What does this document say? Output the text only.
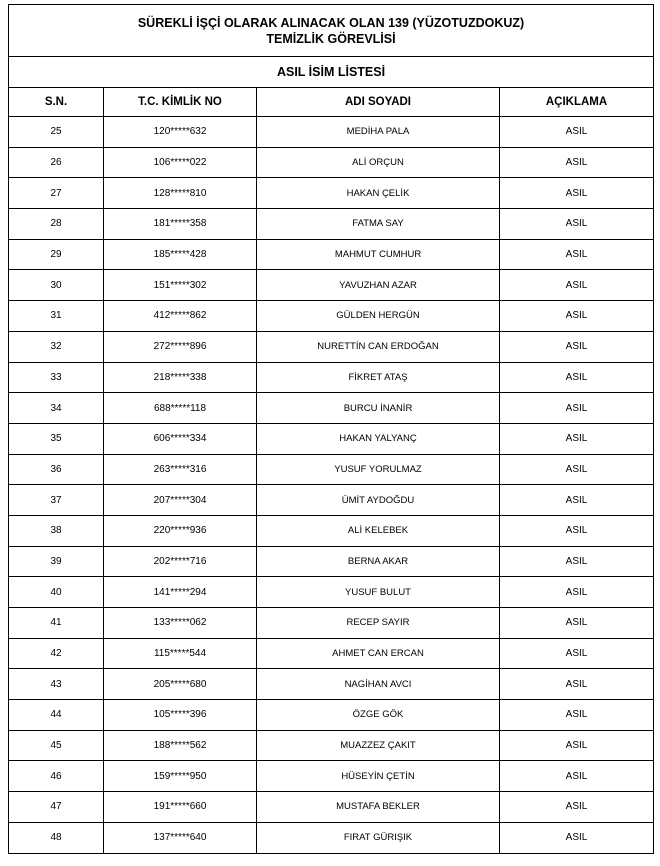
SÜREKLİ İŞÇİ OLARAK ALINACAK OLAN 139 (YÜZOTUZDOKUZ)
TEMİZLİK GÖREVLİSİ			

ASIL İSİM LİSTESİ			
S.N.	T.C. KİMLİK NO	ADI SOYADI	AÇIKLAMA
25	120*****632	MEDİHA PALA	ASIL
26	106*****022	ALİ ORÇUN	ASIL
27	128*****810	HAKAN ÇELİK	ASIL
28	181*****358	FATMA SAY	ASIL
29	185*****428	MAHMUT CUMHUR	ASIL
30	151*****302	YAVUZHAN AZAR	ASIL
31	412*****862	GÜLDEN HERGÜN	ASIL
32	272*****896	NURETTİN CAN ERDOĞAN	ASIL
33	218*****338	FİKRET ATAŞ	ASIL
34	688*****118	BURCU İNANİR	ASIL
35	606*****334	HAKAN YALYANÇ	ASIL
36	263*****316	YUSUF YORULMAZ	ASIL
37	207*****304	ÜMİT AYDOĞDU	ASIL
38	220*****936	ALİ KELEBEK	ASIL
39	202*****716	BERNA AKAR	ASIL
40	141*****294	YUSUF BULUT	ASIL
41	133*****062	RECEP SAYIR	ASIL
42	115*****544	AHMET CAN ERCAN	ASIL
43	205*****680	NAGİHAN AVCI	ASIL
44	105*****396	ÖZGE GÖK	ASIL
45	188*****562	MUAZZEZ ÇAKIT	ASIL
46	159*****950	HÜSEYİN ÇETİN	ASIL
47	191*****660	MUSTAFA BEKLER	ASIL
48	137*****640	FIRAT GÜRIŞIK	ASIL
